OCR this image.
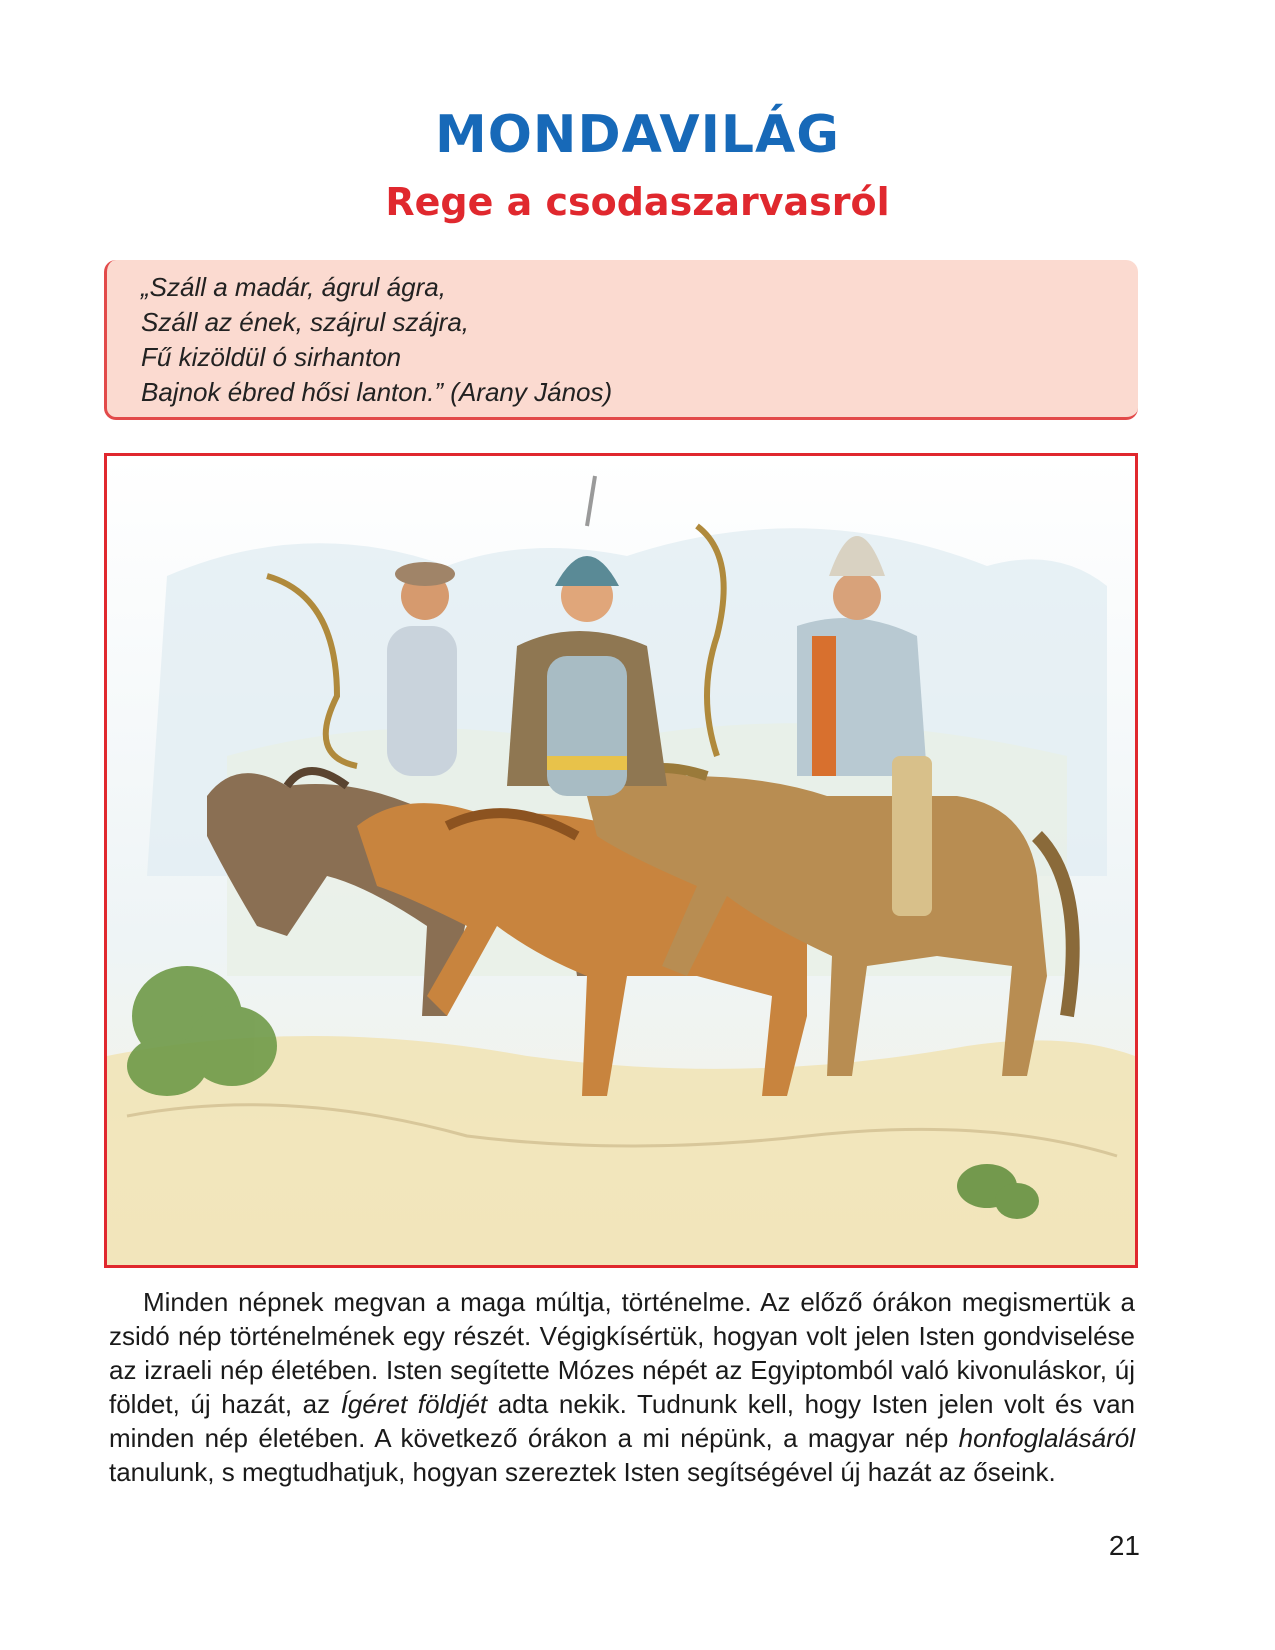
MONDAVILÁG
Rege a csodaszarvasról
„Száll a madár, ágrul ágra,
Száll az ének, szájrul szájra,
Fű kizöldül ó sirhanton
Bajnok ébred hősi lanton.” (Arany János)

Minden népnek megvan a maga múltja, történelme. Az előző órákon megismertük a zsidó nép történelmének egy részét. Végigkísértük, hogyan volt jelen Isten gondviselése az izraeli nép életében. Isten segítette Mózes népét az Egyiptomból való kivonuláskor, új földet, új hazát, az Ígéret földjét adta nekik. Tudnunk kell, hogy Isten jelen volt és van minden nép életében. A következő órákon a mi népünk, a magyar nép honfoglalásáról tanulunk, s megtudhatjuk, hogyan szereztek Isten segítségével új hazát az őseink.

21
